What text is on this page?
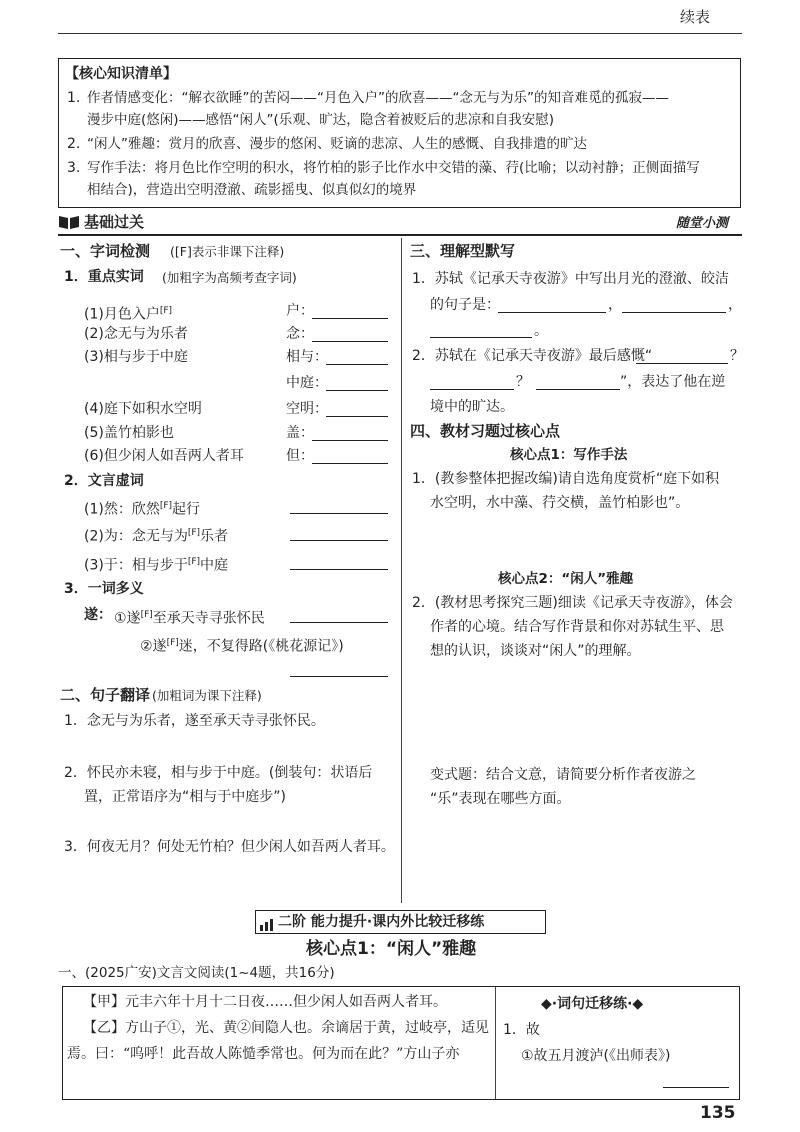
续表
【核心知识清单】
1. 作者情感变化：“解衣欲睡”的苦闷——“月色入户”的欣喜——“念无与为乐”的知音难觅的孤寂——
漫步中庭(悠闲)——感悟“闲人”(乐观、旷达，隐含着被贬后的悲凉和自我安慰)
2. “闲人”雅趣：赏月的欣喜、漫步的悠闲、贬谪的悲凉、人生的感慨、自我排遣的旷达
3. 写作手法：将月色比作空明的积水，将竹柏的影子比作水中交错的藻、荇(比喻；以动衬静；正侧面描写
相结合)，营造出空明澄澈、疏影摇曳、似真似幻的境界
基础过关	随堂小测
一、字词检测 ([F]表示非课下注释)
1．重点实词 (加粗字为高频考查字词)
(1)月色入户[F]	户：
(2)念无与为乐者	念：
(3)相与步于中庭	相与：
中庭：
(4)庭下如积水空明	空明：
(5)盖竹柏影也	盖：
(6)但少闲人如吾两人者耳	但：
2．文言虚词
(1)然：欣然[F]起行
(2)为：念无与为[F]乐者
(3)于：相与步于[F]中庭
3．一词多义
遂： ①遂[F]至承天寺寻张怀民
②遂[F]迷，不复得路(《桃花源记》)
二、句子翻译 (加粗词为课下注释)
1．念无与为乐者，遂至承天寺寻张怀民。
2．怀民亦未寝，相与步于中庭。(倒装句：状语后
置，正常语序为“相与于中庭步”)
3．何夜无月？何处无竹柏？但少闲人如吾两人者耳。
三、理解型默写
1．苏轼《记承天寺夜游》中写出月光的澄澈、皎洁
的句子是：	，	，
。
2．苏轼在《记承天寺夜游》最后感慨“	？
？	”，表达了他在逆
境中的旷达。
四、教材习题过核心点
核心点1：写作手法
1．(教参整体把握改编)请自选角度赏析“庭下如积
水空明，水中藻、荇交横，盖竹柏影也”。
核心点2：“闲人”雅趣
2．(教材思考探究三题)细读《记承天寺夜游》，体会
作者的心境。结合写作背景和你对苏轼生平、思
想的认识，谈谈对“闲人”的理解。
变式题：结合文意，请简要分析作者夜游之
“乐”表现在哪些方面。
二阶 能力提升·课内外比较迁移练
核心点1：“闲人”雅趣
一、(2025广安)文言文阅读(1~4题，共16分)
【甲】元丰六年十月十二日夜……但少闲人如吾两人者耳。
【乙】方山子①，光、黄②间隐人也。余谪居于黄，过岐亭，适见
焉。曰：“呜呼！此吾故人陈慥季常也。何为而在此？”方山子亦
◆·词句迁移练·◆
1．故
①故五月渡泸(《出师表》)
135
